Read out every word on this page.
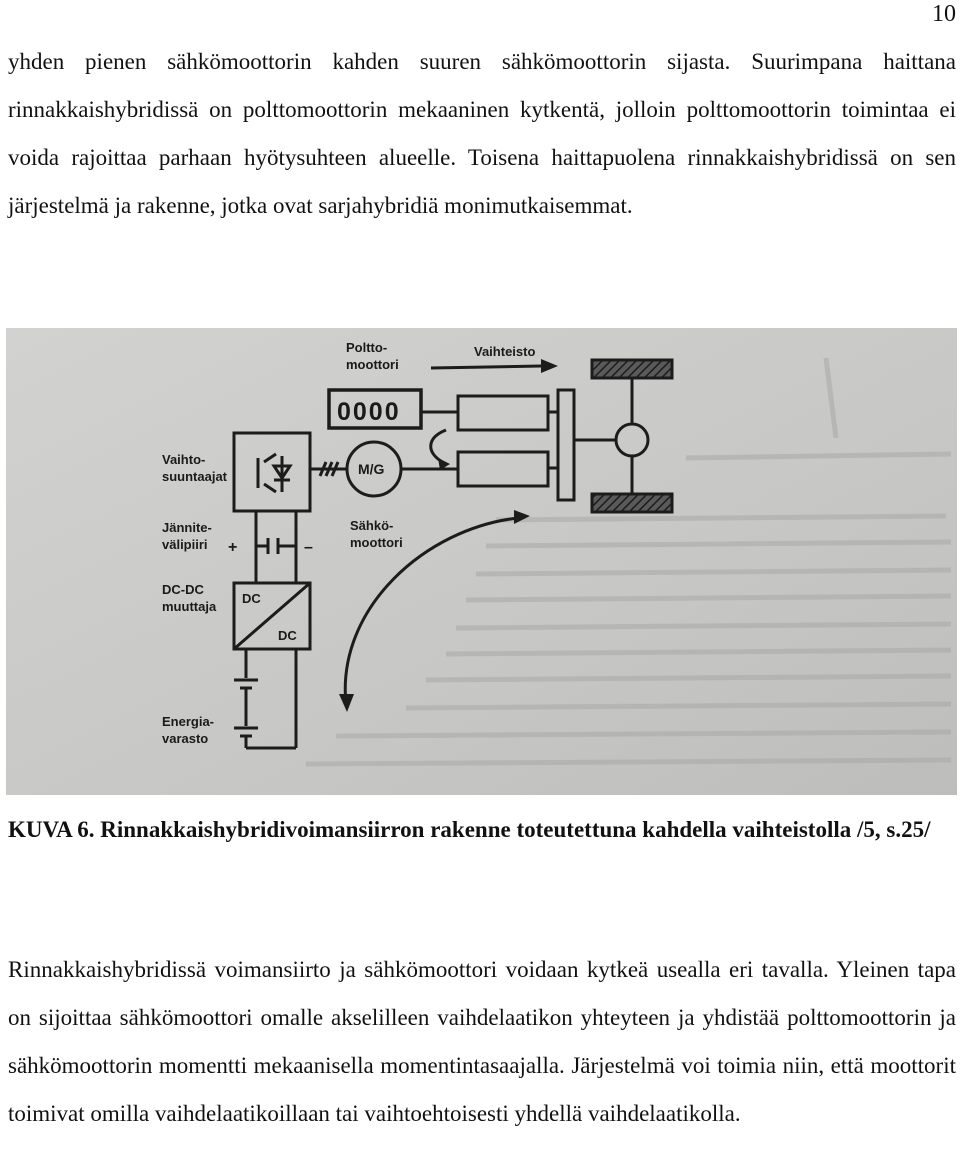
10

yhden pienen sähkömoottorin kahden suuren sähkömoottorin sijasta. Suurimpana haittana rinnakkaishybridissä on polttomoottorin mekaaninen kytkentä, jolloin polttomoottorin toimintaa ei voida rajoittaa parhaan hyötysuhteen alueelle. Toisena haittapuolena rinnakkaishybridissä on sen järjestelmä ja rakenne, jotka ovat sarjahybridiä monimutkaisemmat.

Poltto-
moottori
Vaihteisto
0000
Vaihto-
suuntaajat	M/G
Sähkö-
moottori
Jännite-
välipiiri +	–
DC-DC
muuttaja
DC
DC
Energia-
varasto

KUVA 6. Rinnakkaishybridivoimansiirron rakenne toteutettuna kahdella vaihteistolla /5, s.25/

Rinnakkaishybridissä voimansiirto ja sähkömoottori voidaan kytkeä usealla eri tavalla. Yleinen tapa on sijoittaa sähkömoottori omalle akselilleen vaihdelaatikon yhteyteen ja yhdistää polttomoottorin ja sähkömoottorin momentti mekaanisella momentintasaajalla. Järjestelmä voi toimia niin, että moottorit toimivat omilla vaihdelaatikoillaan tai vaihtoehtoisesti yhdellä vaihdelaatikolla.
